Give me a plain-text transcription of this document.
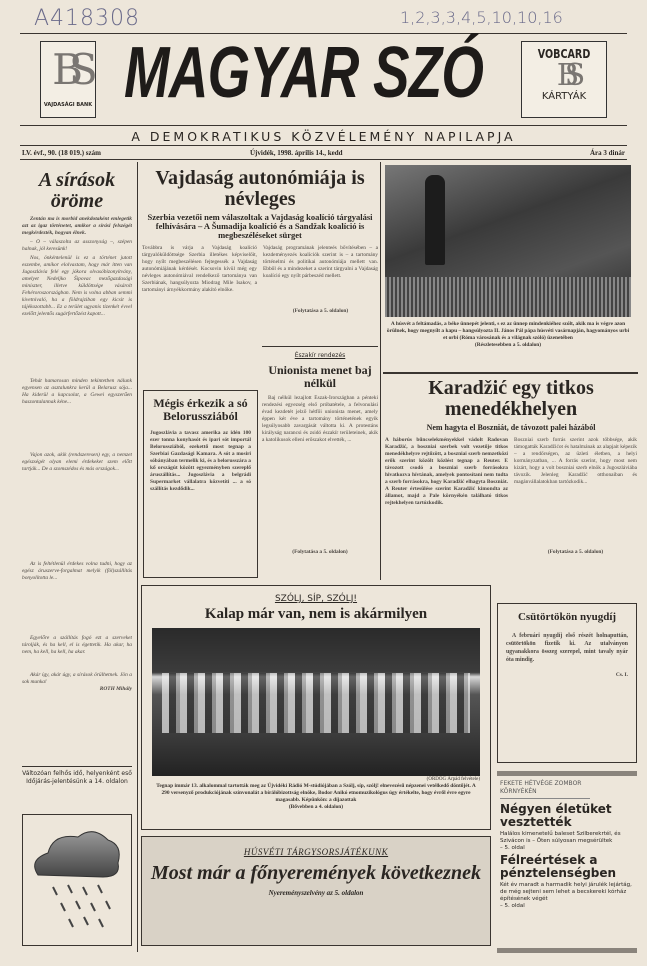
A418308	1,2,3,3,4,5,10,10,16
BS
VAJDASÁGI BANK MAGYAR SZÓ	VOBCARD
BS
KÁRTYÁK
A DEMOKRATIKUS KÖZVÉLEMÉNY NAPILAPJA
LV. évf., 90. (18 019.) szám	Újvidék, 1998. április 14., kedd	Ára 3 dinár
A sírások öröme
Zentán ma is morbid anekdotaként emlegetik azt az igaz történetet, amikor a sírási felszégét megkérdezték, hogyan élnek.
– Ó – válaszolta az asszonyság –, szépen halnak, jól keresünk!
Nos, önkéntelenül is ez a történet jutott eszembe, amikor elolvastam, hogy már itten van Jugoszlávia felé egy jókora olvasóbizonyítvány, amelyet Nedeljko Šipovac mezőgazdasági miniszter, illetve küldöttsége vásárolt Fehéroroszországban. Nem is volna abban semmi kivetnivaló, ha a földrajziban egy kicsit is tájékozottabb... Ez a terület ugyanis tizenkét évvel ezelőtt jelentős sugárfertőzést kapott...
Tehát hamarosan minden tekintetben nálunk egyensen az asztalunkra kerül a Belarusz sója... Ha kiderül a kapcsolat, a Gewei egyszerűen haszontalannak kéne...
Vajon azok, akik (rendszeresen) egy, a nemzet egészségét olyan elemi érdekeket szem előtt tartják... De a szomszédos és más országok...
Az is feltétlenül érdekes volna tudni, hogy az egész áruszerve-forgalmat melyik (föl)szállítás bonyolította le...
Egyelőre a szállítás fogó ezt a szerveket tárolják, és ha kell, el is égettetik. Ha akar, ha nem, ha kell, ha kell, ha akar.
Akár így, akár úgy, a sírások örülhetnek. Jön a sok munka!
ROTH Mihály
Változóan felhős idő, helyenként eső
Időjárás-jelentésünk a 14. oldalon
Vajdaság autonómiája is névleges
Szerbia vezetői nem válaszoltak a Vajdaság koalíció tárgyalási felhívására – A Šumadija koalíció és a Sandžak koalíció is megbeszéléseket sürget
Továbbra is várja a Vajdaság koalíció tárgyalóküldöttsége Szerbia illetékes képviselőit, hogy nyílt megbeszélésen fejtegessék a Vajdaság autonómiájának kérdését. Kocsovin kívül még egy névleges autonómiával rendelkező tartománya van Szerbiának, hangsúlyozta Miodrag Mile Isakov, a tartományi árnyékkormány alakító elnöke.
Vajdaság programának jelenteés bővítésében – a kezdeményezés koalíciók szerint is – a tartomány történelmi és politikai autonómiája mellett van. Ebből és a mindezeket a szerint tárgyalni a Vajdaság koalíció egy nyílt párbeszéd mellett.
(Folytatása a 5. oldalon)
Mégis érkezik a só Belorussziából
Jugoszlávia a tavasz amerika az idén 100 ezer tonna konyhasót és ipari sót importál Belorussziából, ezekettő most tegnap a Szerbiai Gazdasági Kamara. A sót a mosiri sóbányában termelik ki, és a belorusszára a kő országút között egyezményben szereplő áruszállítás... Jugoszlávia a belgrádi Supermarket vállalatra közvetíti ... a só szállítás kezdődik...
Északír rendezés
Unionista menet baj nélkül
Baj nélkül lezajlott Észak-Írországban a pénteki rendezési egyezség első próbatétele, a felvonulási évad kezdetét jelző hétfői unionista menet, amely éppen két éve a tartomány történetének egyik legsúlyosabb zavargását váltotta ki. A protestáns királyság narancsi és zsidó északír területeinek, akik a katolikusok elleni erőszakot elvették, ...
(Folytatása a 5. oldalon)
A húsvét a feltámadás, a béke ünnepét jelenti, s ez az ünnep mindenkiéhez szólt, akik ma is végre azon örülnek, hogy megnyílt a kapu – hangsúlyozta II. János Pál pápa húsvéti vasárnapján, hagyományos urbi et orbi (Róma városának és a világnak szóló) üzenetében
(Részletesebben a 5. oldalon)
Karadžić egy titkos menedékhelyen
Nem hagyta el Boszniát, de távozott palei házából
A háborús bűncselekményekkel vádolt Radovan Karadžić, a boszniai szerbek volt vezetője titkos menedékhelyre rejtőzött, a boszniai szerb nemzetközi erők szerint közölt közlést tegnap a Reuter. E távozott csodó a boszniai szerb forrásokra hivatkozva hívtának, amelyek pontosítani nem tudta a szerb forrásokra, hogy Karadžić elhagyta Boszniát. A Reuter értesülése szerint Karadžić kimondta az államot, majd a Pale környékén található titkos rejtekhelyen tartózkodik.
Boszniai szerb forrás szerint azok többsége, akik támogatták Karadžićot és hatalmának az alapjait képezik – a rendőrségen, az üzleti életben, a helyi kormányzatban, ... A forrás szerint, hogy most nem kizárt, hogy a volt boszniai szerb elnök a Jugoszláviába távozik. Jelenleg Karadžić otthonaiban és magánvállalatokban tartózkodik...
(Folytatása a 5. oldalon)
SZÓLJ, SÍP, SZÓLJ!
Kalap már van, nem is akármilyen
(ÖRDÖG Árpád felvétele)
Tegnap immár 13. alkalommal tartották meg az Újvidéki Rádió M-stúdiójában a Szólj, síp, szólj! elnevezésű népzenei vetélkedő döntőjét. A 290 versenyző produkciójának színvonalát a bírálóbizottság elnöke, Bodor Anikó etnomuzikológus úgy értékelte, hogy évről évre egyre magasabb. Képünkön: a díjazottak
(Bővebben a 4. oldalon)
HÚSVÉTI TÁRGYSORSJÁTÉKUNK
Most már a főnyeremények következnek
Nyereményszelvény az 5. oldalon
Csütörtökön nyugdíj
A februári nyugdíj első részét holnaputtán, csütörtökön fizetik ki. Az utalványon ugyanakkora összeg szerepel, mint tavaly nyár óta mindig.
Cs. I.
FEKETE HÉTVÉGE ZOMBOR KÖRNYÉKÉN
Négyen életüket vesztették
Halálos kimenetelű baleset Szilberekrtél, és Szivácon is – Öten súlyosan megsérültek
– 5. oldal
Félreértések a pénztelenségben
Két év maradt a harmadik helyi járulék lejártág, de még sejteni sem lehet a becskereki kórház építésének végét
– 5. oldal
